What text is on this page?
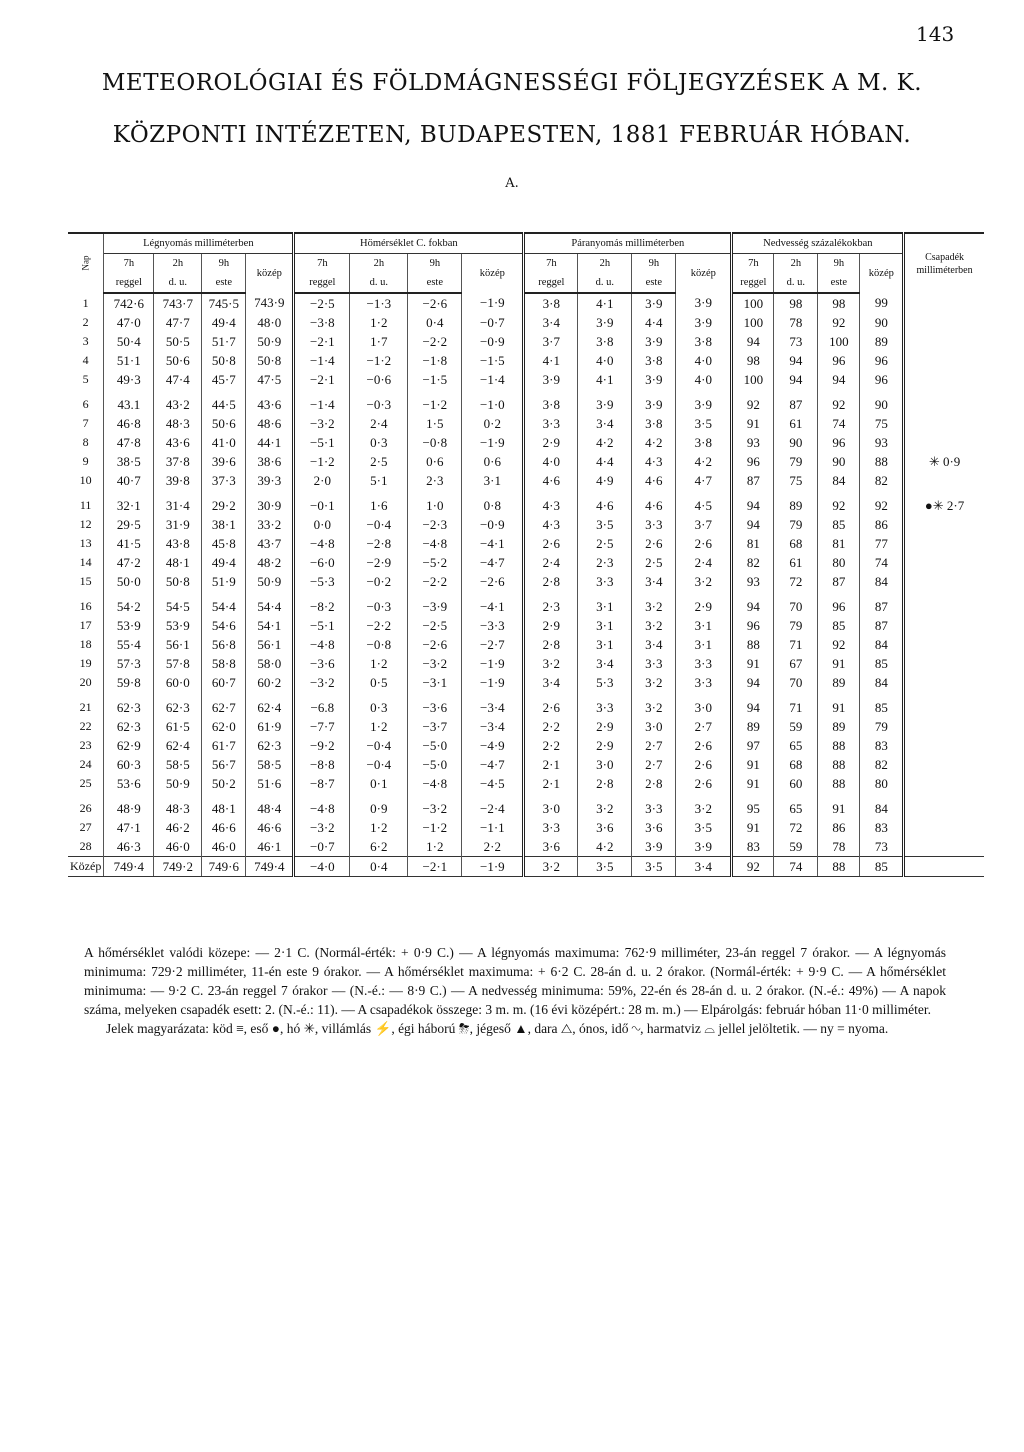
143
METEOROLÓGIAI ÉS FÖLDMÁGNESSÉGI FÖLJEGYZÉSEK A M. K.
KÖZPONTI INTÉZETEN, BUDAPESTEN, 1881 FEBRUÁR HÓBAN.
A.
Nap	Légnyomás milliméterben				Hömérséklet C. fokban				Páranyomás milliméterben				Nedvesség százalékokban				Csapadék milliméterben
	7h	2h	9h	közép	7h	2h	9h	közép	7h	2h	9h	közép	7h	2h	9h	közép	
	reggel	d. u.	este		reggel	d. u.	este		reggel	d. u.	este		reggel	d. u.	este		
1	742·6	743·7	745·5	743·9	−2·5	−1·3	−2·6	−1·9	3·8	4·1	3·9	3·9	100	98	98	99	
2	47·0	47·7	49·4	48·0	−3·8	1·2	0·4	−0·7	3·4	3·9	4·4	3·9	100	78	92	90	
3	50·4	50·5	51·7	50·9	−2·1	1·7	−2·2	−0·9	3·7	3·8	3·9	3·8	94	73	100	89	
4	51·1	50·6	50·8	50·8	−1·4	−1·2	−1·8	−1·5	4·1	4·0	3·8	4·0	98	94	96	96	
5	49·3	47·4	45·7	47·5	−2·1	−0·6	−1·5	−1·4	3·9	4·1	3·9	4·0	100	94	94	96	

6	43.1	43·2	44·5	43·6	−1·4	−0·3	−1·2	−1·0	3·8	3·9	3·9	3·9	92	87	92	90	
7	46·8	48·3	50·6	48·6	−3·2	2·4	1·5	0·2	3·3	3·4	3·8	3·5	91	61	74	75	
8	47·8	43·6	41·0	44·1	−5·1	0·3	−0·8	−1·9	2·9	4·2	4·2	3·8	93	90	96	93	
9	38·5	37·8	39·6	38·6	−1·2	2·5	0·6	0·6	4·0	4·4	4·3	4·2	96	79	90	88	✳ 0·9
10	40·7	39·8	37·3	39·3	2·0	5·1	2·3	3·1	4·6	4·9	4·6	4·7	87	75	84	82	

11	32·1	31·4	29·2	30·9	−0·1	1·6	1·0	0·8	4·3	4·6	4·6	4·5	94	89	92	92	●✳ 2·7
12	29·5	31·9	38·1	33·2	0·0	−0·4	−2·3	−0·9	4·3	3·5	3·3	3·7	94	79	85	86	
13	41·5	43·8	45·8	43·7	−4·8	−2·8	−4·8	−4·1	2·6	2·5	2·6	2·6	81	68	81	77	
14	47·2	48·1	49·4	48·2	−6·0	−2·9	−5·2	−4·7	2·4	2·3	2·5	2·4	82	61	80	74	
15	50·0	50·8	51·9	50·9	−5·3	−0·2	−2·2	−2·6	2·8	3·3	3·4	3·2	93	72	87	84	

16	54·2	54·5	54·4	54·4	−8·2	−0·3	−3·9	−4·1	2·3	3·1	3·2	2·9	94	70	96	87	
17	53·9	53·9	54·6	54·1	−5·1	−2·2	−2·5	−3·3	2·9	3·1	3·2	3·1	96	79	85	87	
18	55·4	56·1	56·8	56·1	−4·8	−0·8	−2·6	−2·7	2·8	3·1	3·4	3·1	88	71	92	84	
19	57·3	57·8	58·8	58·0	−3·6	1·2	−3·2	−1·9	3·2	3·4	3·3	3·3	91	67	91	85	
20	59·8	60·0	60·7	60·2	−3·2	0·5	−3·1	−1·9	3·4	5·3	3·2	3·3	94	70	89	84	

21	62·3	62·3	62·7	62·4	−6.8	0·3	−3·6	−3·4	2·6	3·3	3·2	3·0	94	71	91	85	
22	62·3	61·5	62·0	61·9	−7·7	1·2	−3·7	−3·4	2·2	2·9	3·0	2·7	89	59	89	79	
23	62·9	62·4	61·7	62·3	−9·2	−0·4	−5·0	−4·9	2·2	2·9	2·7	2·6	97	65	88	83	
24	60·3	58·5	56·7	58·5	−8·8	−0·4	−5·0	−4·7	2·1	3·0	2·7	2·6	91	68	88	82	
25	53·6	50·9	50·2	51·6	−8·7	0·1	−4·8	−4·5	2·1	2·8	2·8	2·6	91	60	88	80	

26	48·9	48·3	48·1	48·4	−4·8	0·9	−3·2	−2·4	3·0	3·2	3·3	3·2	95	65	91	84	
27	47·1	46·2	46·6	46·6	−3·2	1·2	−1·2	−1·1	3·3	3·6	3·6	3·5	91	72	86	83	
28	46·3	46·0	46·0	46·1	−0·7	6·2	1·2	2·2	3·6	4·2	3·9	3·9	83	59	78	73	
Közép	749·4	749·2	749·6	749·4	−4·0	0·4	−2·1	−1·9	3·2	3·5	3·5	3·4	92	74	88	85	

A hőmérséklet valódi közepe: — 2·1 C. (Normál-érték: + 0·9 C.) — A légnyomás maximuma: 762·9 milliméter, 23-án reggel 7 órakor. — A légnyomás minimuma: 729·2 milliméter, 11-én este 9 órakor. — A hőmérséklet maximuma: + 6·2 C. 28-án d. u. 2 órakor. (Normál-érték: + 9·9 C. — A hőmérséklet minimuma: — 9·2 C. 23-án reggel 7 órakor — (N.-é.: — 8·9 C.) — A nedvesség minimuma: 59%, 22-én és 28-án d. u. 2 órakor. (N.-é.: 49%) — A napok száma, melyeken csapadék esett: 2. (N.-é.: 11). — A csapadékok összege: 3 m. m. (16 évi középért.: 28 m. m.) — Elpárolgás: február hóban 11·0 milliméter.

Jelek magyarázata: köd ≡, eső ●, hó ✳, villámlás ⚡, égi háború ⛈, jégeső ▲, dara △, ónos, idő ∿, harmatviz ⌓ jellel jelöltetik. — ny = nyoma.
